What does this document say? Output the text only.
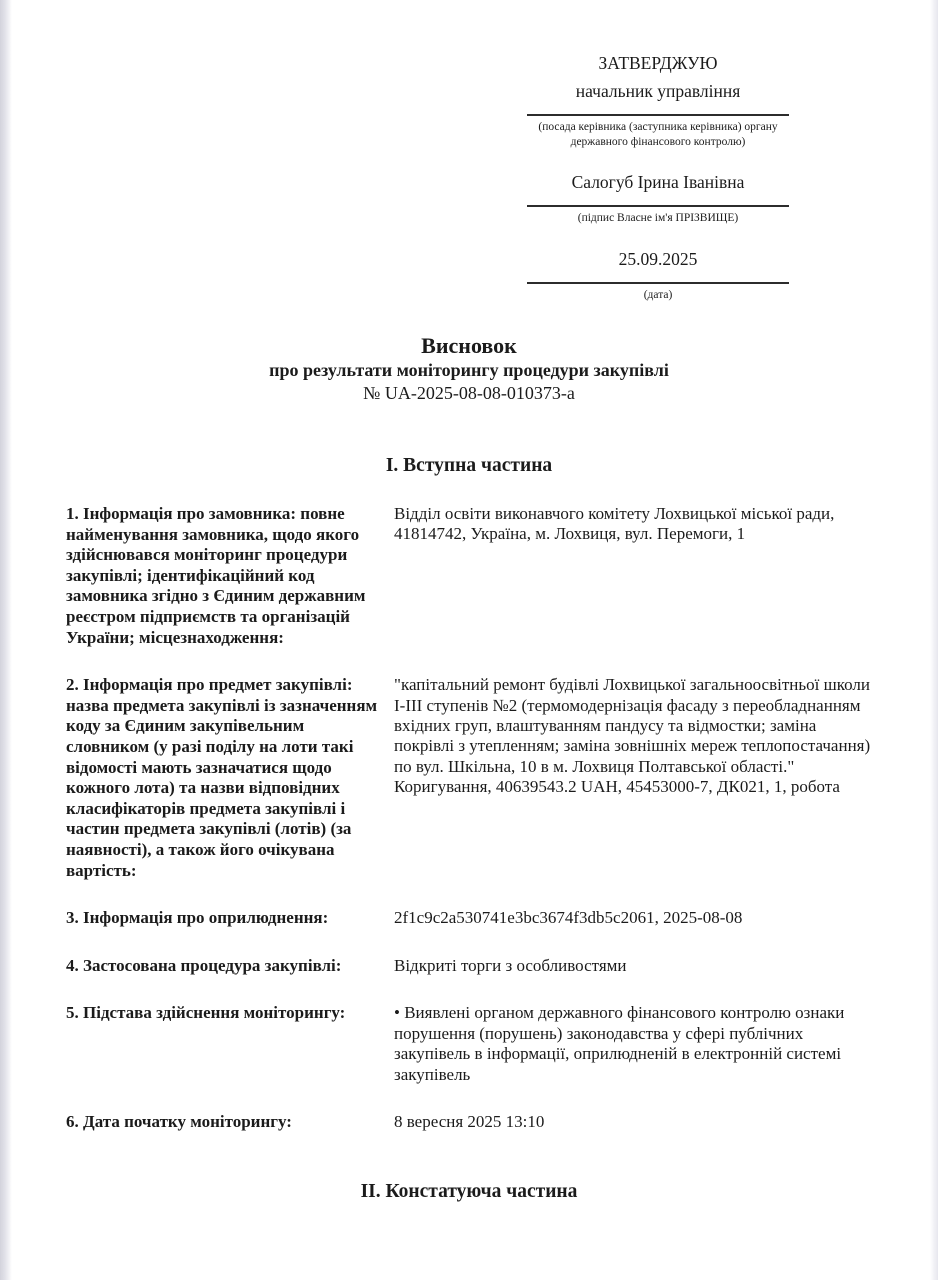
ЗАТВЕРДЖУЮ
начальник управління
(посада керівника (заступника керівника) органу державного фінансового контролю)
Салогуб Ірина Іванівна
(підпис Власне ім'я ПРІЗВИЩЕ)
25.09.2025
(дата)
Висновок
про результати моніторингу процедури закупівлі
№ UA-2025-08-08-010373-a
І. Вступна частина
1. Інформація про замовника: повне найменування замовника, щодо якого здійснювався моніторинг процедури закупівлі; ідентифікаційний код замовника згідно з Єдиним державним реєстром підприємств та організацій України; місцезнаходження:
Відділ освіти виконавчого комітету Лохвицької міської ради, 41814742, Україна, м. Лохвиця, вул. Перемоги, 1
2. Інформація про предмет закупівлі: назва предмета закупівлі із зазначенням коду за Єдиним закупівельним словником (у разі поділу на лоти такі відомості мають зазначатися щодо кожного лота) та назви відповідних класифікаторів предмета закупівлі і частин предмета закупівлі (лотів) (за наявності), а також його очікувана вартість:
"капітальний ремонт будівлі Лохвицької загальноосвітньої школи І-ІІІ ступенів №2 (термомодернізація фасаду з переобладнанням вхідних груп, влаштуванням пандусу та відмостки; заміна покрівлі з утепленням; заміна зовнішніх мереж теплопостачання) по вул. Шкільна, 10 в м. Лохвиця Полтавської області." Коригування, 40639543.2 UAH, 45453000-7, ДК021, 1, робота
3. Інформація про оприлюднення:	2f1c9c2a530741e3bc3674f3db5c2061, 2025-08-08
4. Застосована процедура закупівлі:	Відкриті торги з особливостями
5. Підстава здійснення моніторингу:	• Виявлені органом державного фінансового контролю ознаки порушення (порушень) законодавства у сфері публічних закупівель в інформації, оприлюдненій в електронній системі закупівель
6. Дата початку моніторингу:	8 вересня 2025 13:10
ІІ. Констатуюча частина
